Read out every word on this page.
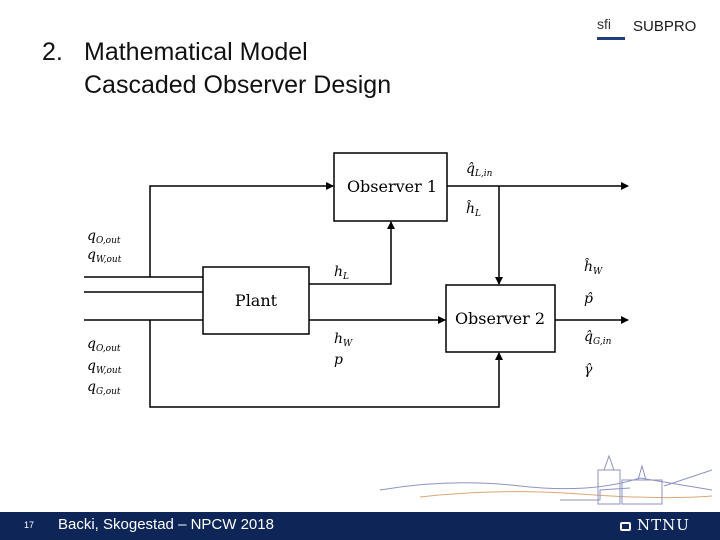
2. Mathematical Model
Cascaded Observer Design
sfi SUBPRO
Observer 1
Plant
Observer 2
$q_{O,out}$
$q_{W,out}$
$q_{O,out}$
$q_{W,out}$
$q_{G,out}$
$h_L$
$h_W$
p
$q̂_{L,in}$
$ĥ_L$
$ĥ_W$
p̂
$q̂_{G,in}$
γ̂
17 Backi, Skogestad – NPCW 2018	NTNU
